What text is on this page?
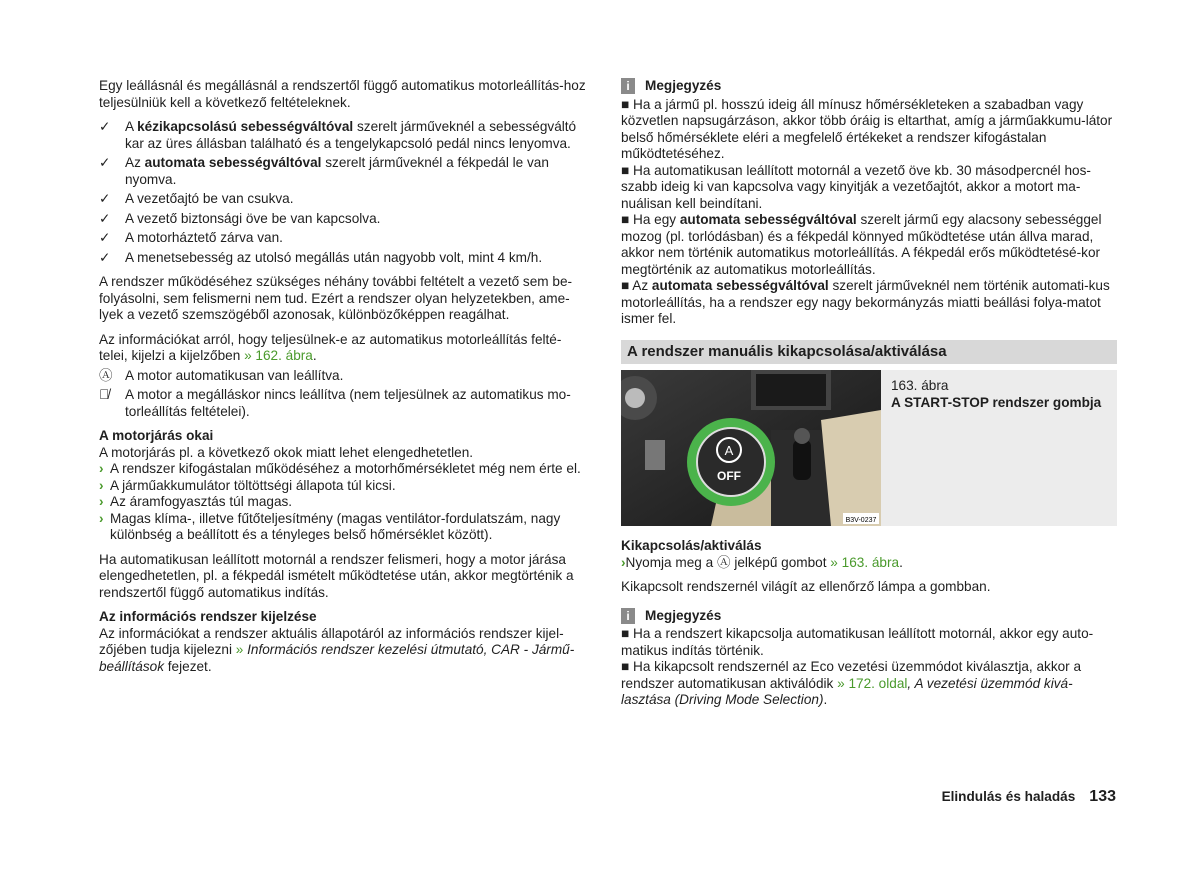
Egy leállásnál és megállásnál a rendszertől függő automatikus motorleállítás-hoz teljesülniük kell a következő feltételeknek.

✓	A kézikapcsolású sebességváltóval szerelt járműveknél a sebességváltó kar az üres állásban található és a tengelykapcsoló pedál nincs lenyomva.
✓	Az automata sebességváltóval szerelt járműveknél a fékpedál le van nyomva.
✓	A vezetőajtó be van csukva.
✓	A vezető biztonsági öve be van kapcsolva.
✓	A motorháztető zárva van.
✓	A menetsebesség az utolsó megállás után nagyobb volt, mint 4 km/h.

A rendszer működéséhez szükséges néhány további feltételt a vezető sem be-folyásolni, sem felismerni nem tud. Ezért a rendszer olyan helyzetekben, ame-lyek a vezető szemszögéből azonosak, különbözőképpen reagálhat.

Az információkat arról, hogy teljesülnek-e az automatikus motorleállítás felté-telei, kijelzi a kijelzőben » 162. ábra.

Ⓐ A motor automatikusan van leállítva.
Ⓐ̸	A motor a megálláskor nincs leállítva (nem teljesülnek az automatikus mo-torleállítás feltételei).
A motorjárás okai

A motorjárás pl. a következő okok miatt lehet elengedhetetlen.

› A rendszer kifogástalan működéséhez a motorhőmérsékletet még nem érte el.
› A járműakkumulátor töltöttségi állapota túl kicsi.
› Az áramfogyasztás túl magas.
› Magas klíma-, illetve fűtőteljesítmény (magas ventilátor-fordulatszám, nagy különbség a beállított és a tényleges belső hőmérséklet között).

Ha automatikusan leállított motornál a rendszer felismeri, hogy a motor járása elengedhetetlen, pl. a fékpedál ismételt működtetése után, akkor megtörténik a rendszertől függő automatikus indítás.

Az információs rendszer kijelzése

Az információkat a rendszer aktuális állapotáról az információs rendszer kijel-zőjében tudja kijelezni » Információs rendszer kezelési útmutató, CAR - Jármű-beállítások fejezet.

i	Megjegyzés
■ Ha a jármű pl. hosszú ideig áll mínusz hőmérsékleteken a szabadban vagy közvetlen napsugárzáson, akkor több óráig is eltarthat, amíg a járműakkumu-látor belső hőmérséklete eléri a megfelelő értékeket a rendszer kifogástalan működtetéséhez.
■ Ha automatikusan leállított motornál a vezető öve kb. 30 másodpercnél hos-szabb ideig ki van kapcsolva vagy kinyitják a vezetőajtót, akkor a motort ma-nuálisan kell beindítani.
■ Ha egy automata sebességváltóval szerelt jármű egy alacsony sebességgel mozog (pl. torlódásban) és a fékpedál könnyed működtetése után állva marad, akkor nem történik automatikus motorleállítás. A fékpedál erős működtetésé-kor megtörténik az automatikus motorleállítás.
■ Az automata sebességváltóval szerelt járműveknél nem történik automati-kus motorleállítás, ha a rendszer egy nagy bekormányzás miatti beállási folya-matot ismer fel.
A rendszer manuális kikapcsolása/aktiválása
A
OFF
B3V-0237
163. ábra
A START-STOP rendszer gombja
Kikapcsolás/aktiválás

›Nyomja meg a Ⓐ jelképű gombot » 163. ábra.

Kikapcsolt rendszernél világít az ellenőrző lámpa a gombban.

i	Megjegyzés
■ Ha a rendszert kikapcsolja automatikusan leállított motornál, akkor egy auto-matikus indítás történik.
■ Ha kikapcsolt rendszernél az Eco vezetési üzemmódot kiválasztja, akkor a rendszer automatikusan aktiválódik » 172. oldal, A vezetési üzemmód kivá-lasztása (Driving Mode Selection).
Elindulás és haladás 133
